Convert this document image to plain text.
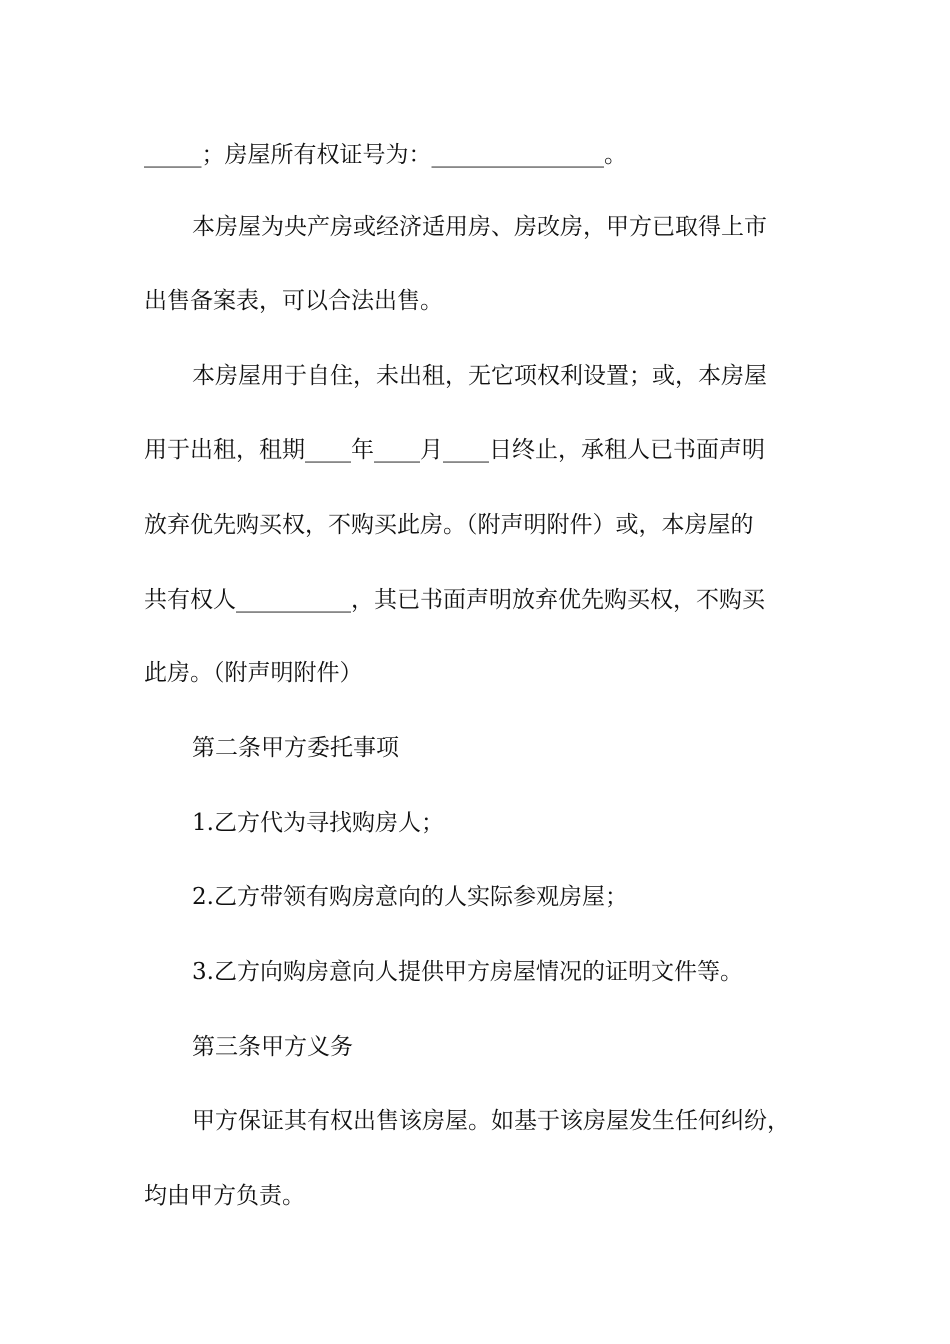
_____；房屋所有权证号为：_______________。
本房屋为央产房或经济适用房、房改房，甲方已取得上市
出售备案表，可以合法出售。
本房屋用于自住，未出租，无它项权利设置；或，本房屋
用于出租，租期____年____月____日终止，承租人已书面声明
放弃优先购买权，不购买此房。（附声明附件）或，本房屋的
共有权人__________，其已书面声明放弃优先购买权，不购买
此房。（附声明附件）
第二条甲方委托事项
1.乙方代为寻找购房人；
2.乙方带领有购房意向的人实际参观房屋；
3.乙方向购房意向人提供甲方房屋情况的证明文件等。
第三条甲方义务
甲方保证其有权出售该房屋。如基于该房屋发生任何纠纷，
均由甲方负责。
